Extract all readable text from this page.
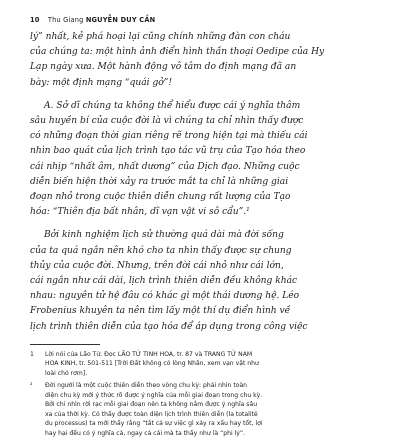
10 Thu Giang NGUYỄN DUY CẦN

lý” nhất, kẻ phá hoại lại cũng chính những đàn con cháu

của chúng ta: một hình ảnh điển hình thần thoại Oedipe của Hy

Lạp ngày xưa. Một hành động vô tâm do định mạng đã an

bày: một định mạng “quái gở”!

A. Sở dĩ chúng ta không thể hiểu được cái ý nghĩa thâm

sâu huyền bí của cuộc đời là vì chúng ta chỉ nhìn thấy được

có những đoạn thời gian riêng rẽ trong hiện tại mà thiếu cái

nhìn bao quát của lịch trình tạo tác vũ trụ của Tạo hóa theo

cái nhịp “nhất âm, nhất dương” của Dịch đạo. Những cuộc

diễn biến hiện thời xảy ra trước mắt ta chỉ là những giai

đoạn nhỏ trong cuộc thiên diễn chung rất lượng của Tạo

hóa: “Thiên địa bất nhân, dĩ vạn vật vi sô cẩu”.¹

Bởi kinh nghiệm lịch sử thường quá dài mà đời sống

của ta quá ngắn nên khó cho ta nhìn thấy được sự chung

thủy của cuộc đời. Nhưng, trên đời cái nhỏ như cái lớn,

cái ngắn như cái dài, lịch trình thiên diễn đều không khác

nhau: nguyên tử hệ đâu có khác gì một thái dương hệ. Léo

Frobenius khuyên ta nên tìm lấy một thí dụ điển hình về

lịch trình thiên diễn của tạo hóa để áp dụng trong công việc

1 Lời nói của Lão Tử. Đọc LÃO TỬ TINH HOA, tr. 87 và TRANG TỬ NAM
HOA KINH, tr. 501-511 [Trời Đất không có lòng Nhân, xem vạn vật như
loài chó rơm].
² Đời người là một cuộc thiên diễn theo vòng chu kỳ: phải nhìn toàn
diện chu kỳ mới ý thức rõ được ý nghĩa của mỗi giai đoạn trong chu kỳ.
Bởi chỉ nhìn rời rạc mỗi giai đoạn nên ta không nắm được ý nghĩa sâu
xa của thời kỳ. Có thấy được toàn diện lịch trình thiên diễn (la totalité
du processus) ta mới thấy rằng “tất cả sự việc gì xảy ra xấu hay tốt, lợi
hay hại đều có ý nghĩa cả, ngay cả cái mà ta thấy như là “phi lý”.
